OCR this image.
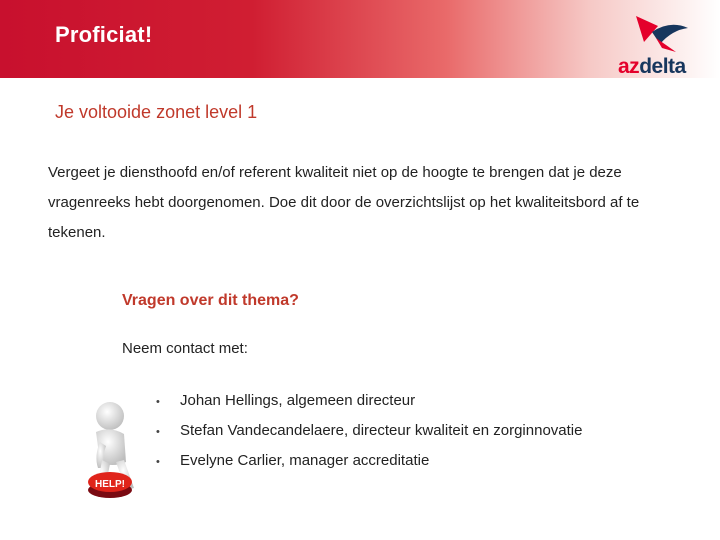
Proficiat!
azdelta
Je voltooide zonet level 1
Vergeet je diensthoofd en/of referent kwaliteit niet op de hoogte te brengen dat je deze vragenreeks hebt doorgenomen. Doe dit door de overzichtslijst op het kwaliteitsbord af te tekenen.
Vragen over dit thema?
Neem contact met:
• Johan Hellings, algemeen directeur
• Stefan Vandecandelaere, directeur kwaliteit en zorginnovatie
• Evelyne Carlier, manager accreditatie
HELP!
